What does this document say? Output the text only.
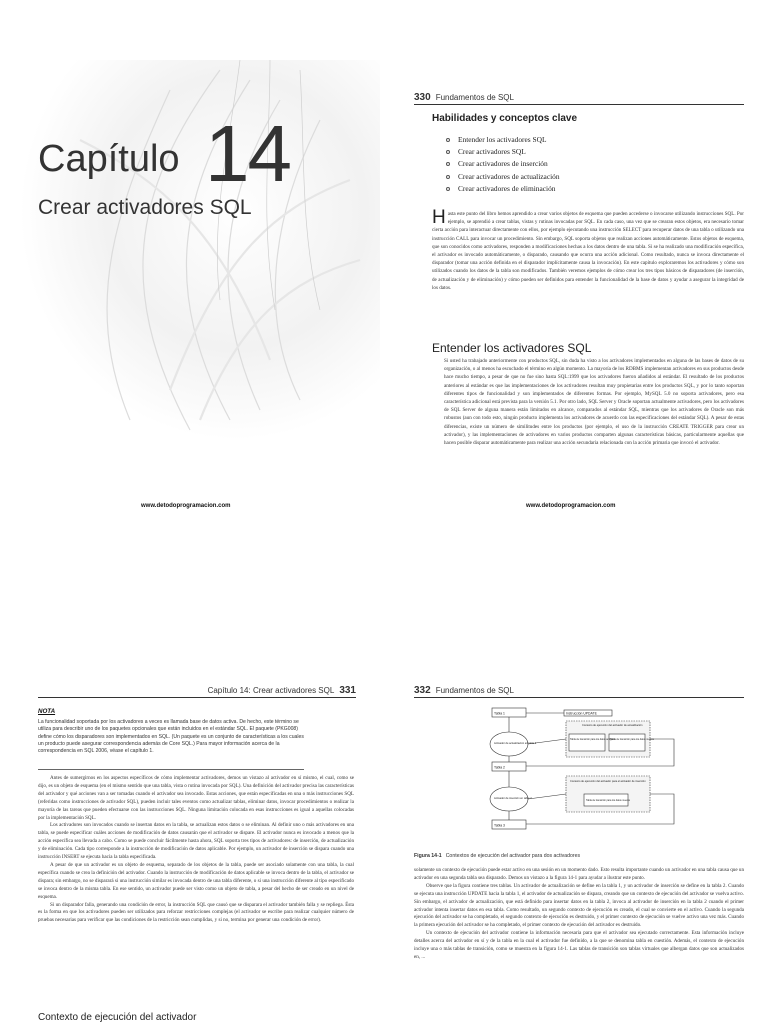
Capítulo 14
Crear activadores SQL
www.detodoprogramacion.com
330 Fundamentos de SQL
Habilidades y conceptos clave
Entender los activadores SQL
Crear activadores SQL
Crear activadores de inserción
Crear activadores de actualización
Crear activadores de eliminación
Hasta este punto del libro hemos aprendido a crear varios objetos de esquema que pueden accederse o invocarse utilizando instrucciones SQL. Por ejemplo, se aprendió a crear tablas, vistas y rutinas invocadas por SQL. En cada caso, una vez que se crearan estos objetos, era necesario tomar cierta acción para interactuar directamente con ellos, por ejemplo ejecutando una instrucción SELECT para recuperar datos de una tabla o utilizando una instrucción CALL para invocar un procedimiento. Sin embargo, SQL soporta objetos que realizan acciones automáticamente. Estos objetos de esquema, que son conocidos como activadores, responden a modificaciones hechas a los datos dentro de una tabla. Si se ha realizado una modificación específica, el activador es invocado automáticamente, o disparado, causando que ocurra una acción adicional. Como resultado, nunca se invoca directamente el disparador (tomar una acción definida en el disparador implícitamente causa la invocación). En este capítulo exploraremos los activadores y cómo son utilizados cuando los datos de la tabla son modificados. También veremos ejemplos de cómo crear los tres tipos básicos de disparadores (de inserción, de actualización y de eliminación) y cómo pueden ser definidos para entender la funcionalidad de la base de datos y ayudar a asegurar la integridad de los datos.
Entender los activadores SQL
Si usted ha trabajado anteriormente con productos SQL, sin duda ha visto a los activadores implementados en alguna de las bases de datos de su organización, o al menos ha escuchado el término en algún momento. La mayoría de los RDBMS implementan activadores en sus productos desde hace mucho tiempo, a pesar de que no fue sino hasta SQL:1999 que los activadores fueron añadidos al estándar. El resultado de los productos anteriores al estándar es que las implementaciones de los activadores resultan muy propietarias entre los productos SQL, y por lo tanto soportan diferentes tipos de funcionalidad y son implementados de diferentes formas. Por ejemplo, MySQL 5.0 no soporta activadores, pero esa característica adicional está prevista para la versión 5.1. Por otro lado, SQL Server y Oracle soportan actualmente activadores, pero los activadores de SQL Server de alguna manera están limitados en alcance, comparados al estándar SQL, mientras que los activadores de Oracle son más robustos (aun con todo esto, ningún producto implementa los activadores de acuerdo con las especificaciones del estándar SQL). A pesar de estas diferencias, existe un número de similitudes entre los productos (por ejemplo, el uso de la instrucción CREATE TRIGGER para crear un activador), y las implementaciones de activadores en varios productos comparten algunas características básicas, particularmente aquellas que hacen posible disparar automáticamente para realizar una acción secundaria relacionada con la acción primaria que invocó el activador.
www.detodoprogramacion.com
Capítulo 14: Crear activadores SQL 331
NOTA
La funcionalidad soportada por los activadores a veces es llamada base de datos activa. De hecho, este término se utiliza para describir uno de los paquetes opcionales que están incluidos en el estándar SQL. El paquete (PKG008) define cómo los disparadores son implementados en SQL. (Un paquete es un conjunto de características a los cuales un producto puede asegurar correspondencia además de Core SQL.) Para mayor información acerca de la correspondencia en SQL 2006, véase el capítulo 1.

Antes de sumergirnos en los aspectos específicos de cómo implementar activadores, demos un vistazo al activador en sí mismo, el cual, como se dijo, es un objeto de esquema (en el mismo sentido que una tabla, vista o rutina invocada por SQL). Una definición del activador precisa las características del activador y qué acciones van a ser tomadas cuando el activador sea invocado. Estas acciones, que están especificadas en una o más instrucciones SQL (referidas como instrucciones de activador SQL), pueden incluir tales eventos como actualizar tablas, eliminar datos, invocar procedimientos o realizar la mayoría de las tareas que pueden efectuarse con las instrucciones SQL. Ninguna limitación colocada en esas instrucciones es igual a aquellas colocadas por la implementación SQL.

Los activadores son invocados cuando se insertan datos en la tabla, se actualizan estos datos o se eliminan. Al definir uno o más activadores en una tabla, se puede especificar cuáles acciones de modificación de datos causarán que el activador se dispare. El activador nunca es invocado a menos que la acción específica sea llevada a cabo. Como se puede concluir fácilmente hasta ahora, SQL soporta tres tipos de activadores: de inserción, de actualización y de eliminación. Cada tipo corresponde a la instrucción de modificación de datos aplicable. Por ejemplo, un activador de inserción se dispara cuando una instrucción INSERT se ejecuta hacia la tabla especificada.

A pesar de que un activador es un objeto de esquema, separado de los objetos de la tabla, puede ser asociado solamente con una tabla, la cual específica cuando se crea la definición del activador. Cuando la instrucción de modificación de datos aplicable se invoca dentro de la tabla, el activador se dispara; sin embargo, no se disparará si una instrucción similar es invocada dentro de una tabla diferente, o si una instrucción diferente al tipo especificado se invoca dentro de la misma tabla. En ese sentido, un activador puede ser visto como un objeto de tabla, a pesar del hecho de ser creado en un nivel de esquema.

Si un disparador falla, generando una condición de error, la instrucción SQL que causó que se disparara el activador también falla y se repliega. Ésta es la forma en que los activadores pueden ser utilizados para reforzar restricciones complejas (el activador se escribe para realizar cualquier número de pruebas necesarias para verificar que las condiciones de la restricción sean cumplidas, y si no, termina por generar una condición de error).

Contexto de ejecución del activador
332 Fundamentos de SQL
Tabla 1	Instrucción UPDATE
Contexto de ejecución del activador de actualización
Tabla de transición para los datos antiguos
Tabla de transición para los datos nuevos
Activador de actualización en tabla 1
Tabla 2
Contexto de ejecución del activador para el activador de inserción
Tabla de transición para los datos nuevos
Activador de inserción en tabla 2
Tabla 3
Figura 14-1 Contextos de ejecución del activador para dos activadores

solamente un contexto de ejecución puede estar activo en una sesión en un momento dado. Esto resulta importante cuando un activador en una tabla causa que un activador en una segunda tabla sea disparado. Demos un vistazo a la figura 14-1 para ayudar a ilustrar este punto.

Observe que la figura contiene tres tablas. Un activador de actualización se define en la tabla 1, y un activador de inserción se define en la tabla 2. Cuando se ejecuta una instrucción UPDATE hacia la tabla 1, el activador de actualización se dispara, creando que un contexto de ejecución del activador se vuelva activo. Sin embargo, el activador de actualización, que está definido para insertar datos en la tabla 2, invoca al activador de inserción en la tabla 2 cuando el primer activador intenta insertar datos en esa tabla. Como resultado, un segundo contexto de ejecución es creado, el cual se convierte en el activo. Cuando la segunda ejecución del activador se ha completado, el segundo contexto de ejecución es destruido, y el primer contexto de ejecución se vuelve activo una vez más. Cuando la primera ejecución del activador se ha completado, el primer contexto de ejecución del activador es destruido.

Un contexto de ejecución del activador contiene la información necesaria para que el activador sea ejecutado correctamente. Esta información incluye detalles acerca del activador en sí y de la tabla en la cual el activador fue definido, a la que se denomina tabla en cuestión. Además, el contexto de ejecución incluye una o más tablas de transición, como se muestra en la figura 14-1. Las tablas de transición son tablas virtuales que albergan datos que son actualizados en, ...
